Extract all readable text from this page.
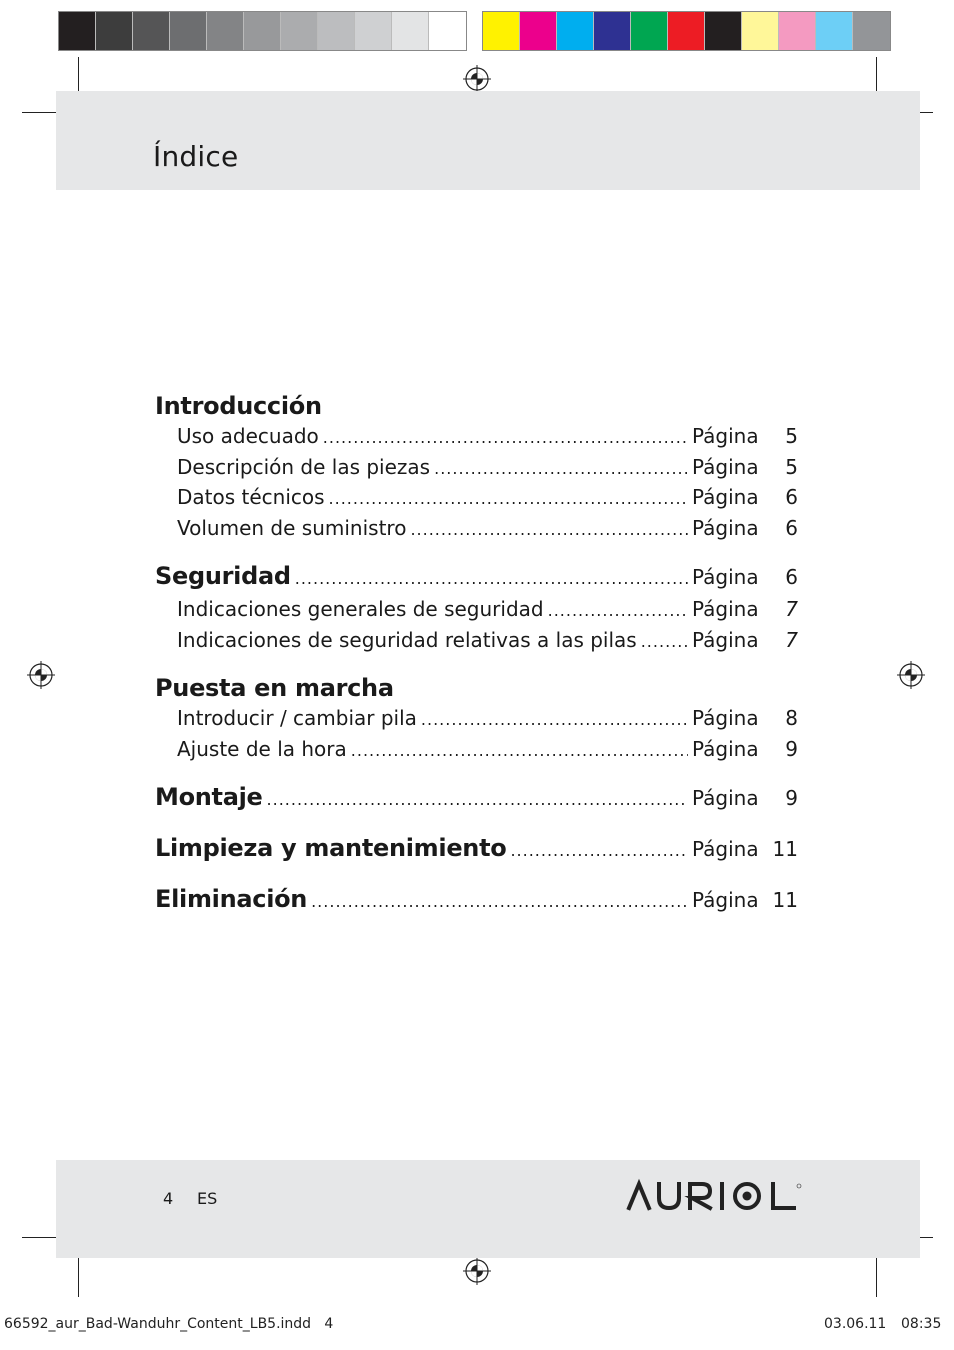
Índice
Introducción
Uso adecuado .....	Página	5
Descripción de las piezas .....	Página	5
Datos técnicos .....	Página	6
Volumen de suministro .....	Página	6
Seguridad .....	Página	6
Indicaciones generales de seguridad .....	Página	7
Indicaciones de seguridad relativas a las pilas .....	Página	7
Puesta en marcha
Introducir / cambiar pila .....	Página	8
Ajuste de la hora .....	Página	9
Montaje .....	Página	9
Limpieza y mantenimiento .....	Página 11
Eliminación .....	Página 11
4 ES
66592_aur_Bad-Wanduhr_Content_LB5.indd   4	03.06.11 08:35
